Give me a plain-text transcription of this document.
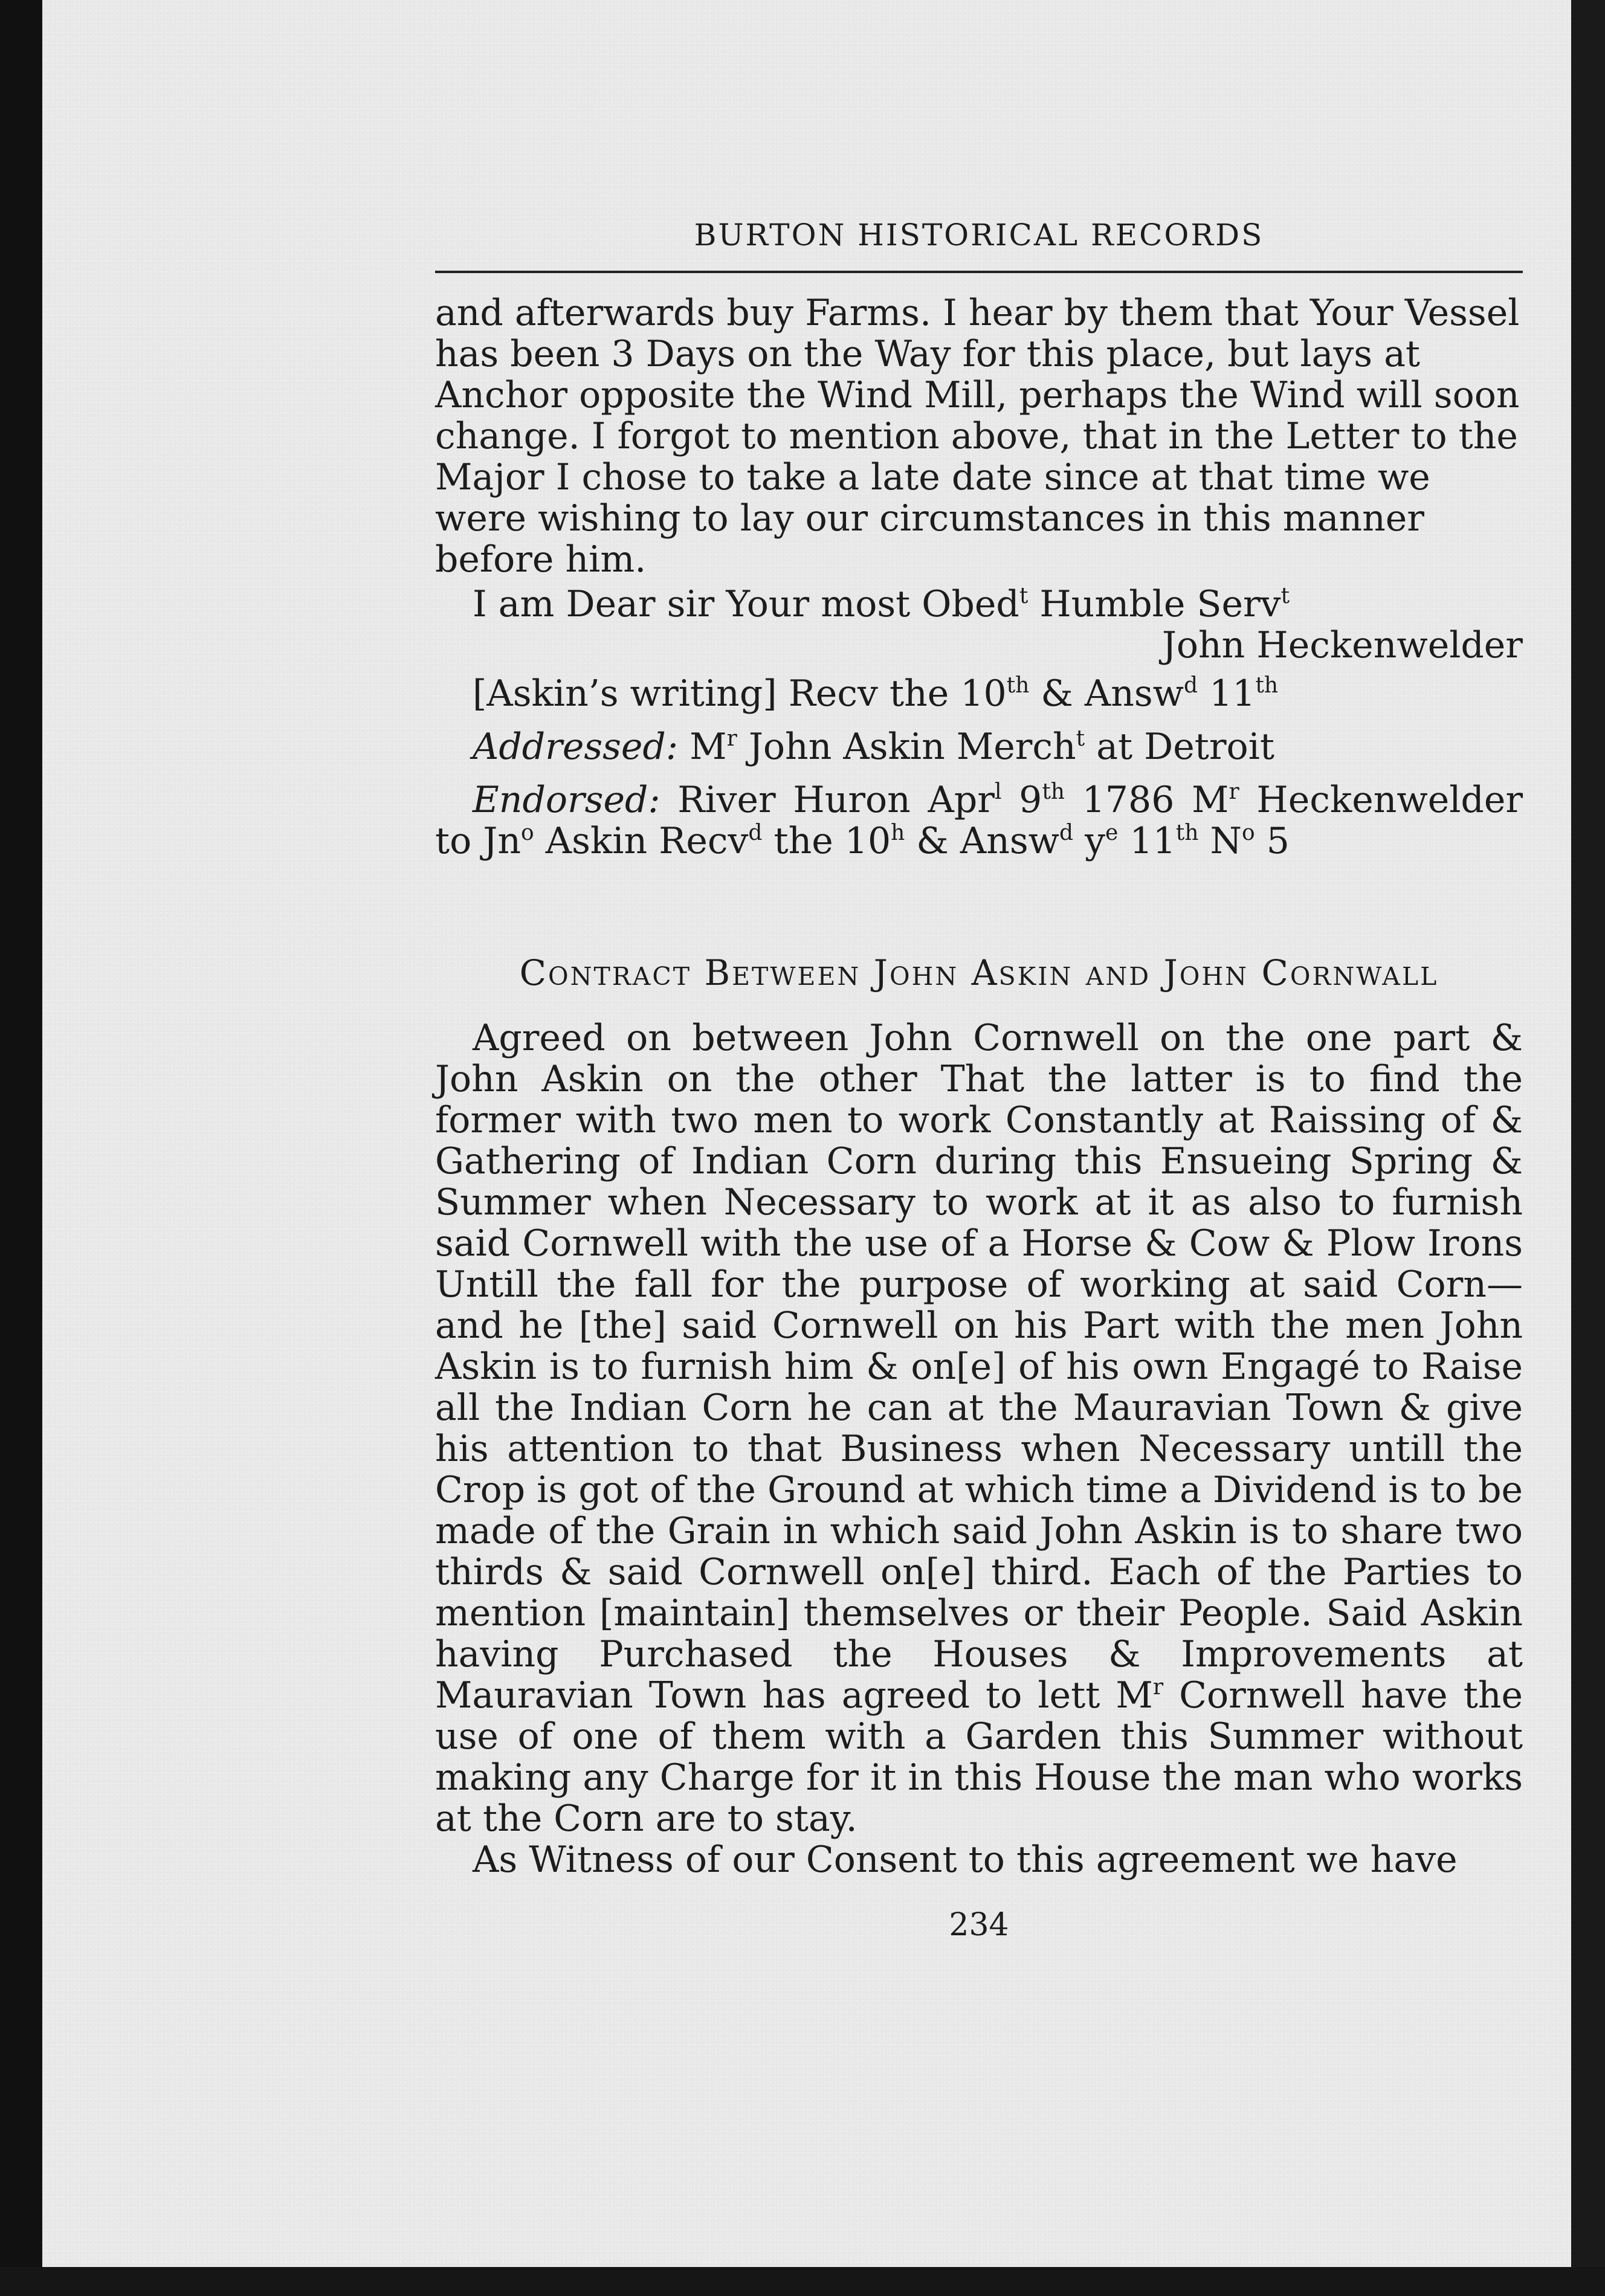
BURTON HISTORICAL RECORDS

and afterwards buy Farms. I hear by them that Your Vessel has been 3 Days on the Way for this place, but lays at Anchor opposite the Wind Mill, perhaps the Wind will soon change. I forgot to mention above, that in the Letter to the Major I chose to take a late date since at that time we were wishing to lay our circumstances in this manner before him.

I am Dear sir Your most Obed$^t$ Humble Serv$^t$

John Heckenwelder

[Askin’s writing] Recv the 10th & Answ$^d$ 11th

Addressed: $M^r$ John Askin Merch$^t$ at Detroit

Endorsed: River Huron Apr$^l$ 9th 1786 $M^r$ Heckenwelder to Jn$^o$ Askin Recv$^d$ the 10$^h$ & Answ$^d$ $y^e$ 11th $N^o$ 5

Contract Between John Askin and John Cornwall

Agreed on between John Cornwell on the one part & John Askin on the other That the latter is to find the former with two men to work Constantly at Raissing of & Gathering of Indian Corn during this Ensueing Spring & Summer when Necessary to work at it as also to furnish said Cornwell with the use of a Horse & Cow & Plow Irons Untill the fall for the purpose of working at said Corn—and he [the] said Cornwell on his Part with the men John Askin is to furnish him & on[e] of his own Engagé to Raise all the Indian Corn he can at the Mauravian Town & give his attention to that Business when Necessary untill the Crop is got of the Ground at which time a Dividend is to be made of the Grain in which said John Askin is to share two thirds & said Cornwell on[e] third. Each of the Parties to mention [maintain] themselves or their People. Said Askin having Purchased the Houses & Improvements at Mauravian Town has agreed to lett $M^r$ Cornwell have the use of one of them with a Garden this Summer without making any Charge for it in this House the man who works at the Corn are to stay.

As Witness of our Consent to this agreement we have

234
